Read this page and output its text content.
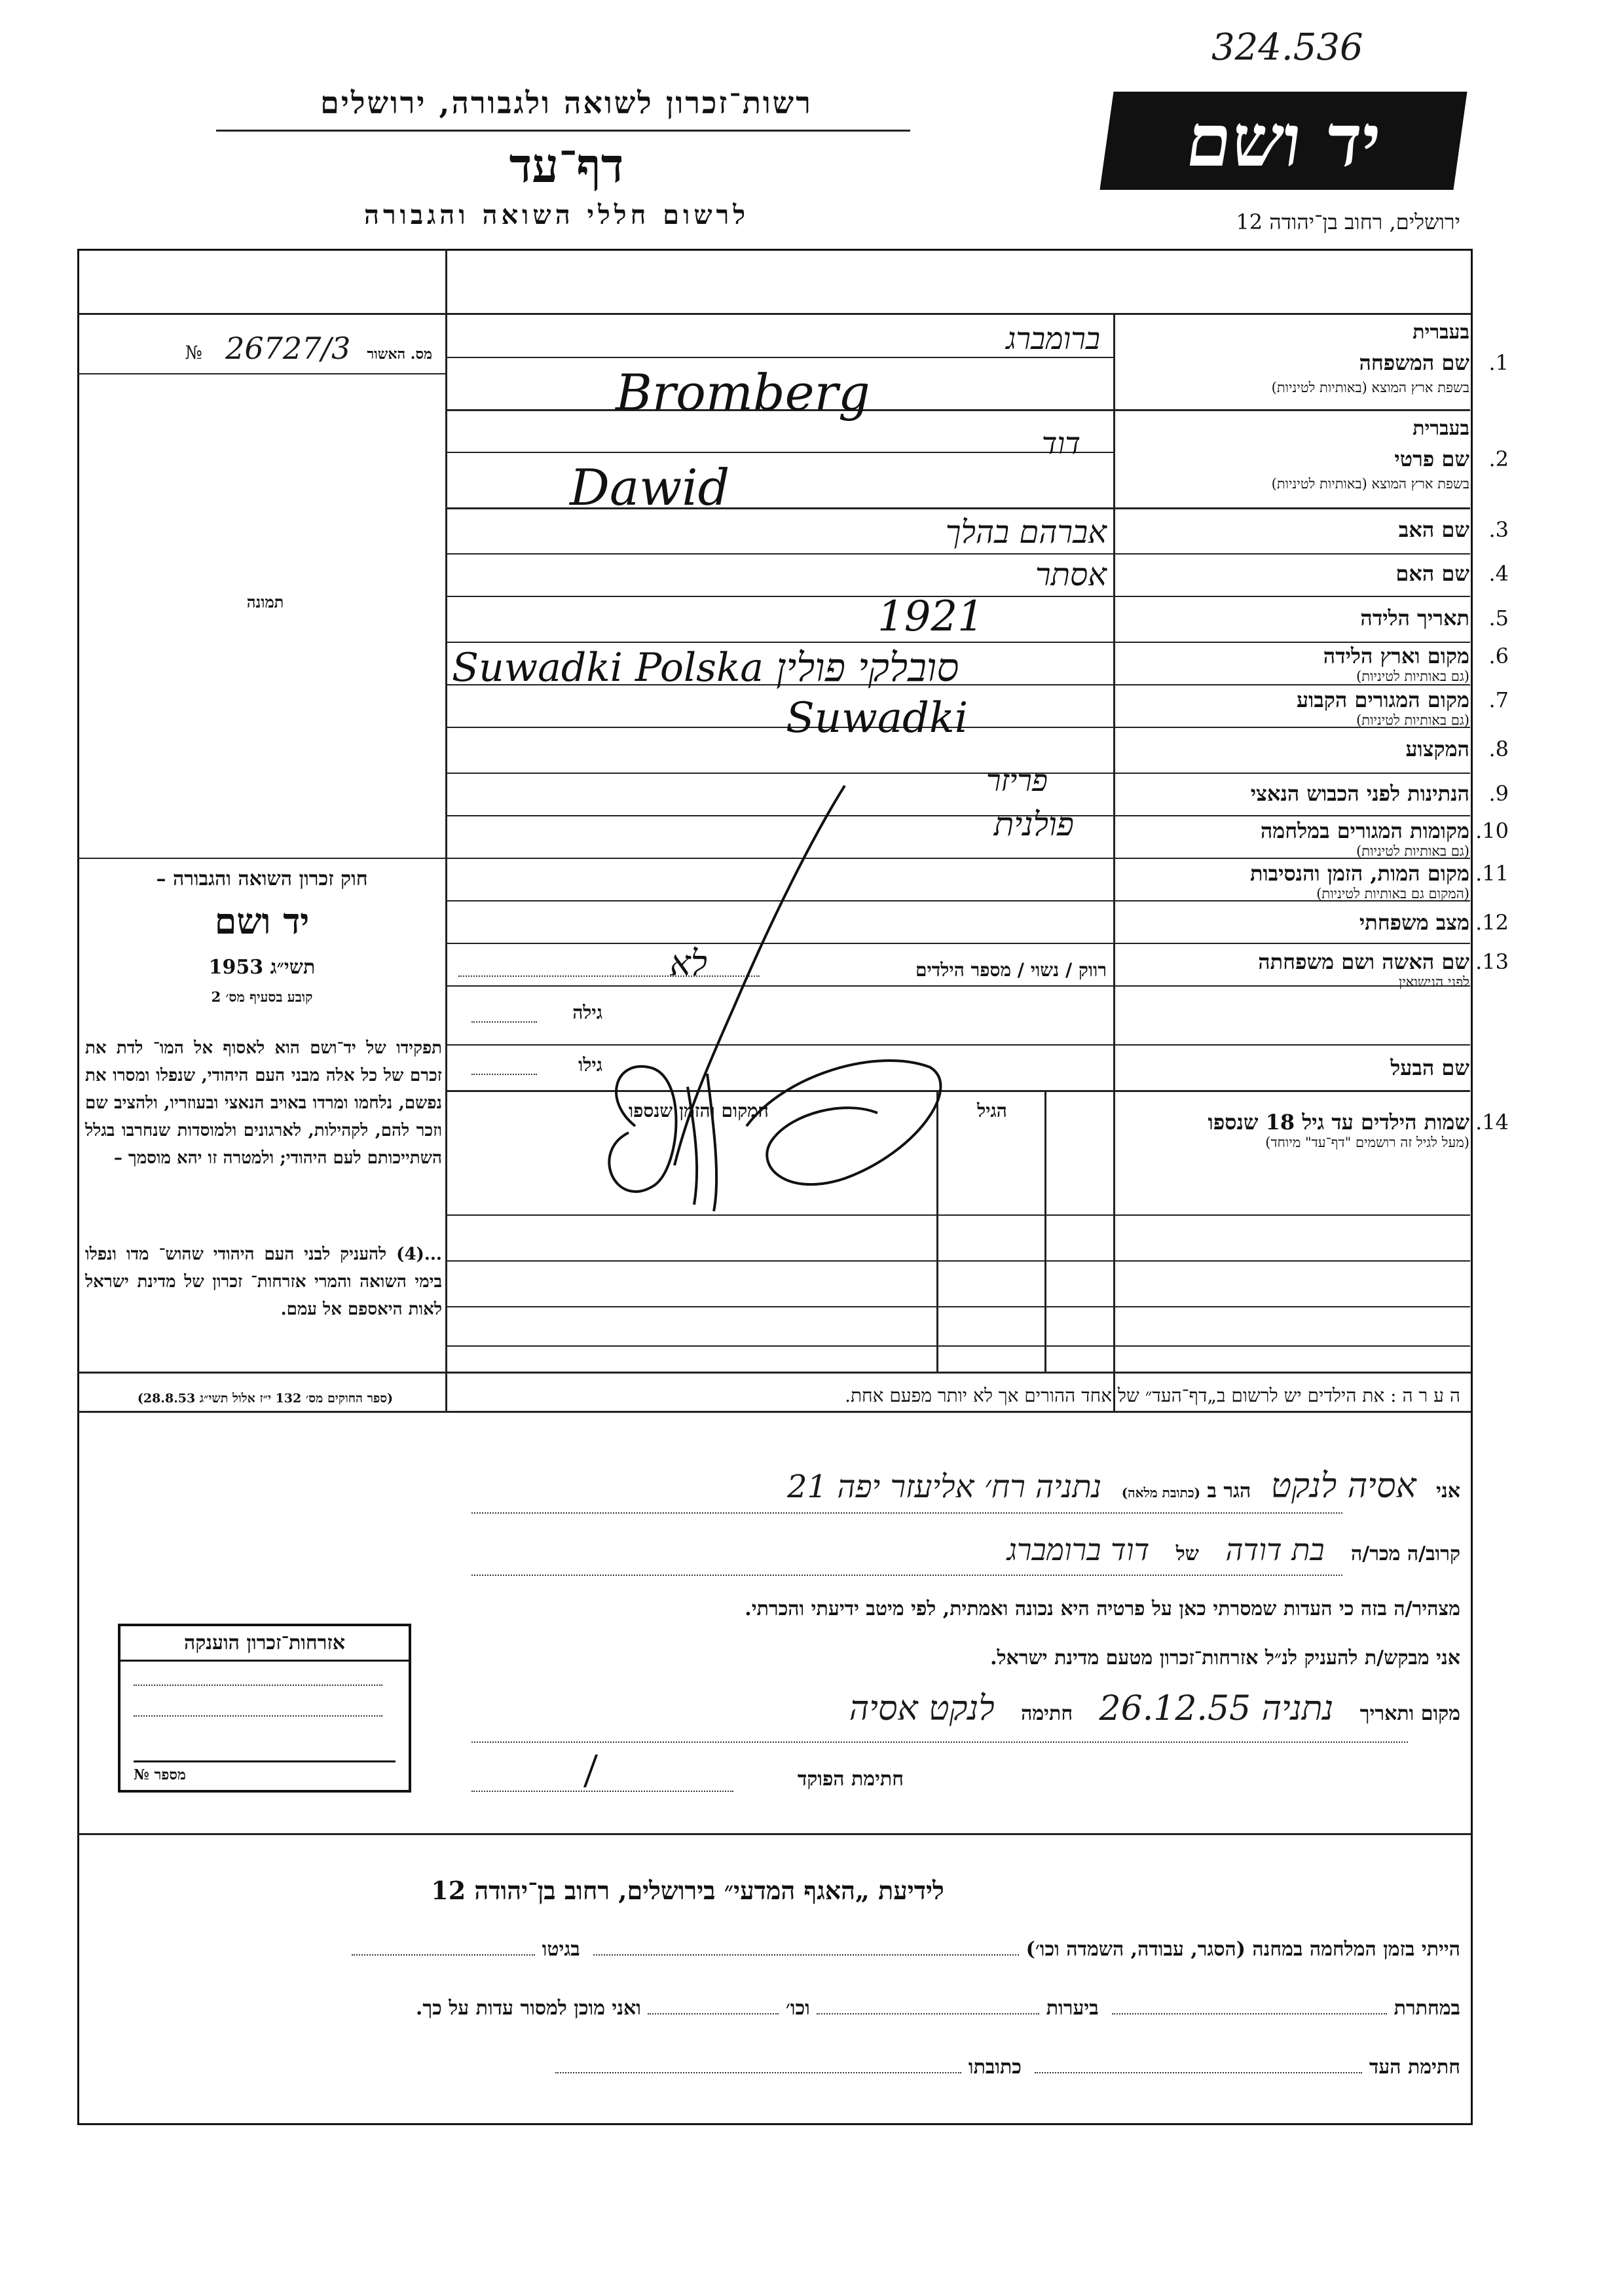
324.536
יד ושם
רשות־זכרון לשואה ולגבורה, ירושלים
דף־עד
לרשום חללי השואה והגבורה	ירושלים, רחוב בן־יהודה 12
מס. האשור 26727/3 №
תמונה
חוק זכרון השואה והגבורה –
יד ושם
תשי״ג 1953
קובע בסעיף מס׳ 2
תפקידו של יד־ושם הוא לאסוף אל המו־ לדת את זכרם של כל אלה מבני העם היהודי, שנפלו ומסרו את נפשם, נלחמו ומרדו באויב הנאצי ובעוזריו, ולהציב שם וזכר להם, לקהילות, לארגונים ולמוסדות שנחרבו בגלל השתייכותם לעם היהודי; ולמטרה זו יהא מוסמך –
...(4) להעניק לבני העם היהודי שהוש־ מדו ונפלו בימי השואה והמרי אזרחות־ זכרון של מדינת ישראל לאות היאספם אל עמם.
(ספר החוקים מס׳ 132 י״ז אלול תשי״ג 28.8.53)
בעברית
1.
שם המשפחה
בשפת ארץ המוצא (באותיות לטיניות)
בעברית
2.
שם פרטי
בשפת ארץ המוצא (באותיות לטיניות)
3.
שם האב
4.
שם האם
5.
תאריך הלידה
6.
מקום וארץ הלידה
(גם באותיות לטיניות)
7.
מקום המגורים הקבוע
(גם באותיות לטיניות)
8.
המקצוע
9.
הנתינות לפני הכבוש הנאצי
10.
מקומות המגורים במלחמה
(גם באותיות לטיניות)
11.
מקום המות, הזמן והנסיבות
(המקום גם באותיות לטיניות)
12.
מצב משפחתי
13.
שם האשה ושם משפחתה
לפני הנישואין
שם הבעל
14.
שמות הילדים עד גיל 18 שנספו
(מעל לגיל זה רושמים "דף־עד" מיוחד)
הגיל
המקום והזמן שנספו
רווק / נשוי / מספר הילדים
גילה
גילו
ברומברג
Bromberg
דוד
Dawid
אברהם בהלך
אסתר
1921
סובלקי פולין Suwadki Polska
Suwadki
פריזר
פולנית
לא
ה ע ר ה : את הילדים יש לרשום ב„דף־העד״ של אחד ההורים אך לא יותר מפעם אחת.
אני אסיה לנקט הגר ב (כתובת מלאה) נתניה רח׳ אליעזר יפה 21
קרוב/ה מכר/ה בת דודה של דוד ברומברג
מצהיר/ה בזה כי העדות שמסרתי כאן על פרטיה היא נכונה ואמתית, לפי מיטב ידיעתי והכרתי.
אני מבקש/ת להעניק לנ״ל אזרחות־זכרון מטעם מדינת ישראל.
מקום ותאריך נתניה 26.12.55 חתימה לנקט אסיה
חתימת הפוקד
אזרחות־זכרון הוענקה
מספר №
לידיעת „האגף המדעי״ בירושלים, רחוב בן־יהודה 12
הייתי בזמן המלחמה במחנה (הסגר, עבודה, השמדה וכו׳)  בגיטו
במחתרת  ביערות  וכו׳  ואני מוכן למסור עדות על כך.
חתימת העד  כתובתו
